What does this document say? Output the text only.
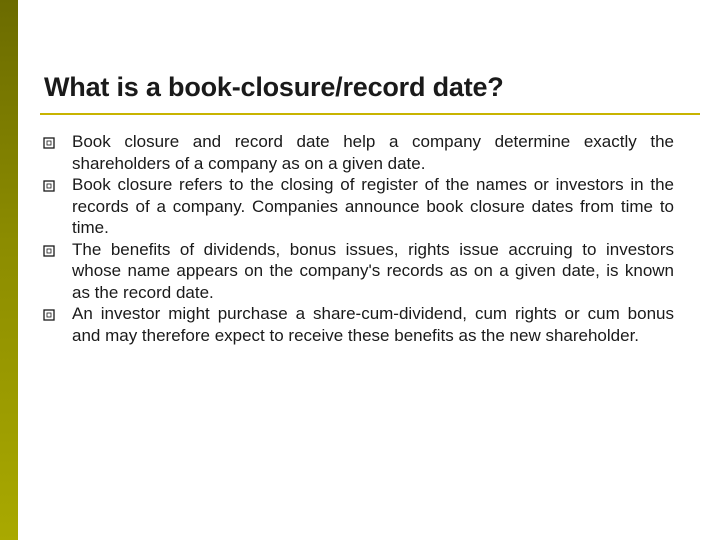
What is a book-closure/record date?
Book closure and record date help a company determine exactly the shareholders of a company as on a given date.
Book closure refers to the closing of register of the names or investors in the records of a company. Companies announce book closure dates from time to time.
The benefits of dividends, bonus issues, rights issue accruing to investors whose name appears on the company's records as on a given date, is known as the record date.
An investor might purchase a share-cum-dividend, cum rights or cum bonus and may therefore expect to receive these benefits as the new shareholder.
